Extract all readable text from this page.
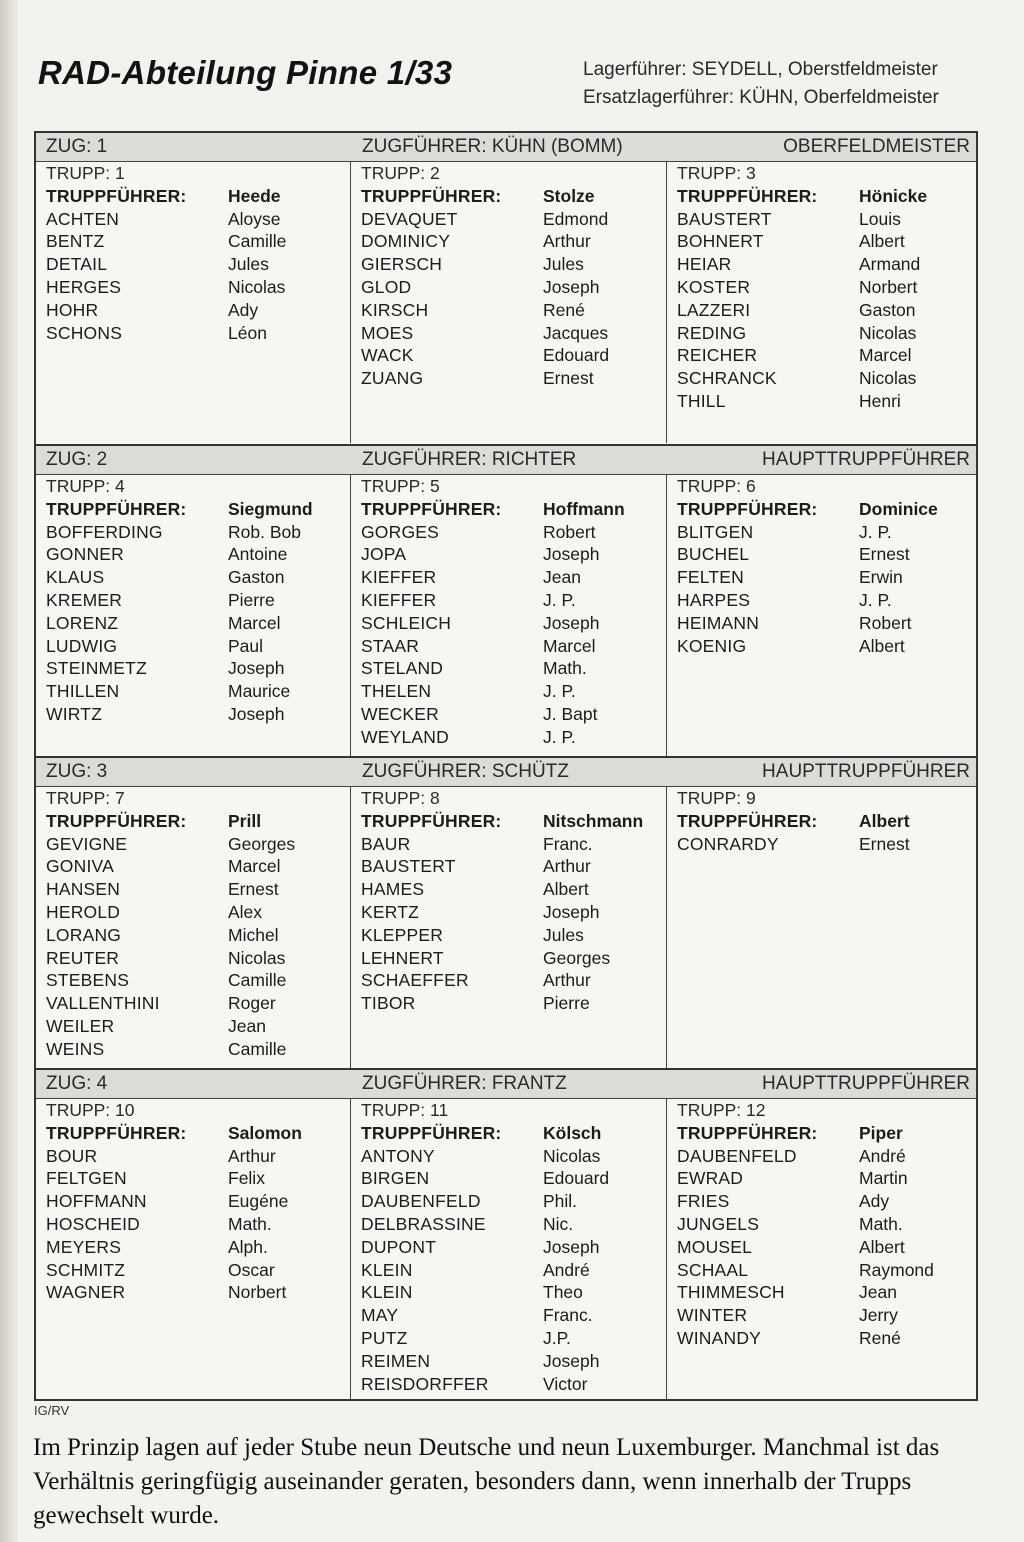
RAD-Abteilung Pinne 1/33	Lagerführer: SEYDELL, Oberstfeldmeister
Ersatzlagerführer: KÜHN, Oberfeldmeister
ZUG: 1	ZUGFÜHRER: KÜHN (BOMM)	OBERFELDMEISTER
TRUPP: 1
TRUPPFÜHRER: Heede
ACHTEN	Aloyse
BENTZ	Camille
DETAIL	Jules
HERGES	Nicolas
HOHR	Ady
SCHONS	Léon
TRUPP: 2
TRUPPFÜHRER: Stolze
DEVAQUET	Edmond
DOMINICY	Arthur
GIERSCH	Jules
GLOD	Joseph
KIRSCH	René
MOES	Jacques
WACK	Edouard
ZUANG	Ernest
TRUPP: 3
TRUPPFÜHRER: Hönicke
BAUSTERT	Louis
BOHNERT	Albert
HEIAR	Armand
KOSTER	Norbert
LAZZERI	Gaston
REDING	Nicolas
REICHER	Marcel
SCHRANCK	Nicolas
THILL	Henri
ZUG: 2	ZUGFÜHRER: RICHTER	HAUPTTRUPPFÜHRER
TRUPP: 4
TRUPPFÜHRER: Siegmund
BOFFERDING	Rob. Bob
GONNER	Antoine
KLAUS	Gaston
KREMER	Pierre
LORENZ	Marcel
LUDWIG	Paul
STEINMETZ	Joseph
THILLEN	Maurice
WIRTZ	Joseph
TRUPP: 5
TRUPPFÜHRER: Hoffmann
GORGES	Robert
JOPA	Joseph
KIEFFER	Jean
KIEFFER	J. P.
SCHLEICH	Joseph
STAAR	Marcel
STELAND	Math.
THELEN	J. P.
WECKER	J. Bapt
WEYLAND	J. P.
TRUPP: 6
TRUPPFÜHRER: Dominice
BLITGEN	J. P.
BUCHEL	Ernest
FELTEN	Erwin
HARPES	J. P.
HEIMANN	Robert
KOENIG	Albert
ZUG: 3	ZUGFÜHRER: SCHÜTZ	HAUPTTRUPPFÜHRER
TRUPP: 7
TRUPPFÜHRER: Prill
GEVIGNE	Georges
GONIVA	Marcel
HANSEN	Ernest
HEROLD	Alex
LORANG	Michel
REUTER	Nicolas
STEBENS	Camille
VALLENTHINI	Roger
WEILER	Jean
WEINS	Camille
TRUPP: 8
TRUPPFÜHRER: Nitschmann
BAUR	Franc.
BAUSTERT	Arthur
HAMES	Albert
KERTZ	Joseph
KLEPPER	Jules
LEHNERT	Georges
SCHAEFFER	Arthur
TIBOR	Pierre
TRUPP: 9
TRUPPFÜHRER: Albert
CONRARDY	Ernest
ZUG: 4	ZUGFÜHRER: FRANTZ	HAUPTTRUPPFÜHRER
TRUPP: 10
TRUPPFÜHRER: Salomon
BOUR	Arthur
FELTGEN	Felix
HOFFMANN	Eugéne
HOSCHEID	Math.
MEYERS	Alph.
SCHMITZ	Oscar
WAGNER	Norbert
TRUPP: 11
TRUPPFÜHRER: Kölsch
ANTONY	Nicolas
BIRGEN	Edouard
DAUBENFELD	Phil.
DELBRASSINE	Nic.
DUPONT	Joseph
KLEIN	André
KLEIN	Theo
MAY	Franc.
PUTZ	J.P.
REIMEN	Joseph
REISDORFFER	Victor
TRUPP: 12
TRUPPFÜHRER: Piper
DAUBENFELD	André
EWRAD	Martin
FRIES	Ady
JUNGELS	Math.
MOUSEL	Albert
SCHAAL	Raymond
THIMMESCH	Jean
WINTER	Jerry
WINANDY	René
IG/RV

Im Prinzip lagen auf jeder Stube neun Deutsche und neun Luxemburger. Manchmal ist das Verhältnis geringfügig auseinander geraten, besonders dann, wenn innerhalb der Trupps gewechselt wurde.
